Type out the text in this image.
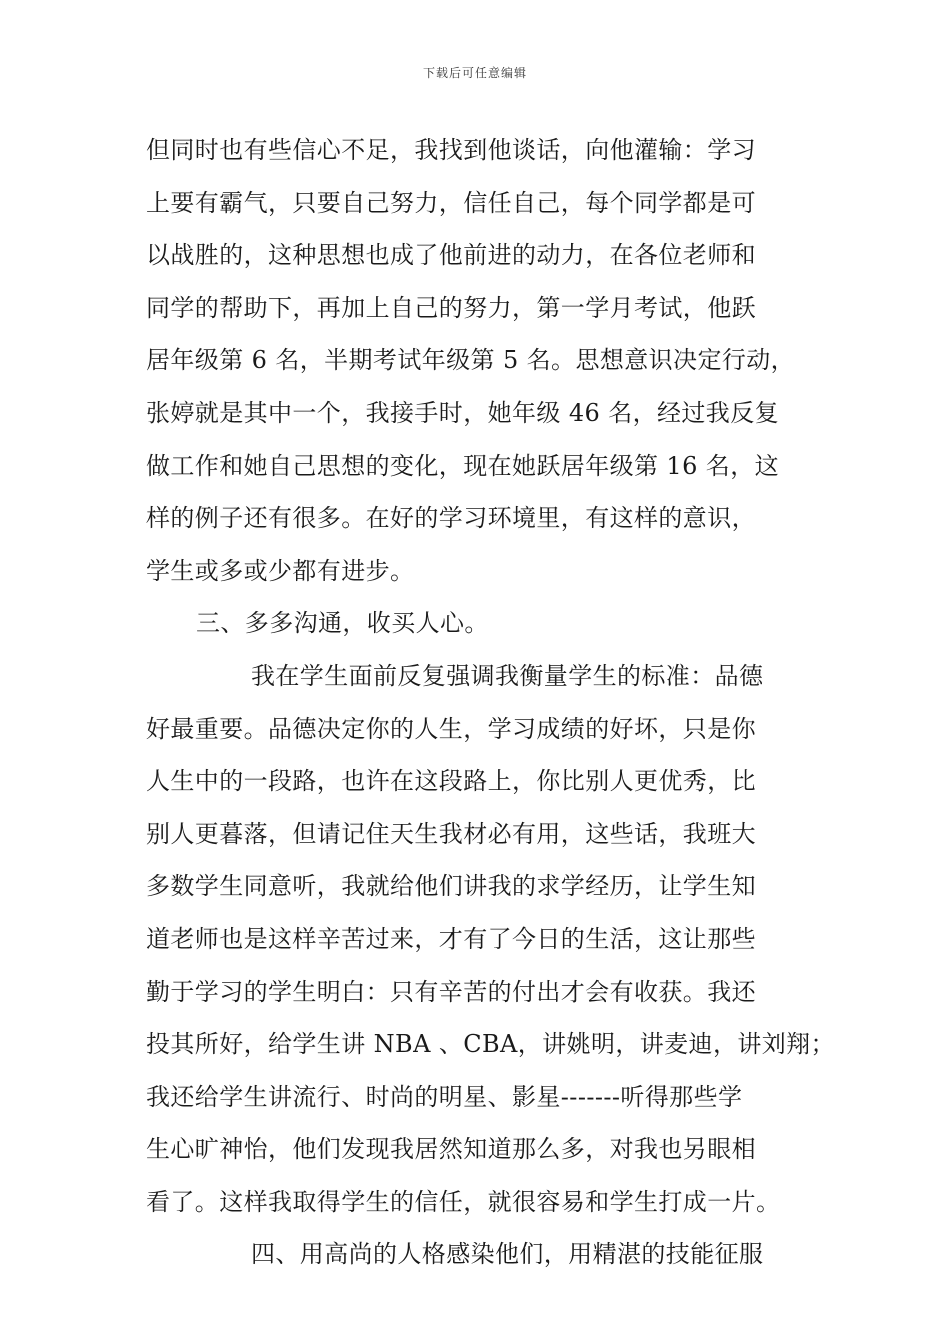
下载后可任意编辑
但同时也有些信心不足，我找到他谈话，向他灌输：学习
上要有霸气，只要自己努力，信任自己，每个同学都是可
以战胜的，这种思想也成了他前进的动力，在各位老师和
同学的帮助下，再加上自己的努力，第一学月考试，他跃
居年级第 6 名，半期考试年级第 5 名。思想意识决定行动，
张婷就是其中一个，我接手时，她年级 46 名，经过我反复
做工作和她自己思想的变化，现在她跃居年级第 16 名，这
样的例子还有很多。在好的学习环境里，有这样的意识，
学生或多或少都有进步。
三、多多沟通，收买人心。
我在学生面前反复强调我衡量学生的标准：品德
好最重要。品德决定你的人生，学习成绩的好坏，只是你
人生中的一段路，也许在这段路上，你比别人更优秀，比
别人更暮落，但请记住天生我材必有用，这些话，我班大
多数学生同意听，我就给他们讲我的求学经历，让学生知
道老师也是这样辛苦过来，才有了今日的生活，这让那些
勤于学习的学生明白：只有辛苦的付出才会有收获。我还
投其所好，给学生讲 NBA 、CBA，讲姚明，讲麦迪，讲刘翔；
我还给学生讲流行、时尚的明星、影星-------听得那些学
生心旷神怡，他们发现我居然知道那么多，对我也另眼相
看了。这样我取得学生的信任，就很容易和学生打成一片。
四、用高尚的人格感染他们，用精湛的技能征服
